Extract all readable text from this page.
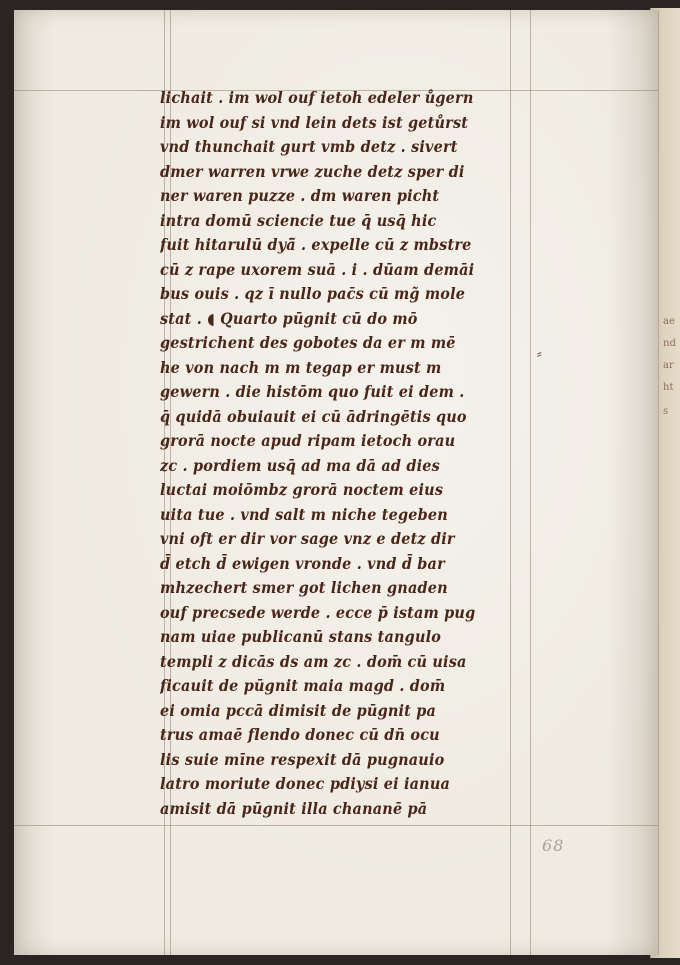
ae
nd
ar
ht
s
lichait . im wol ouf ietoh edeler ůgern
im wol ouf si vnd lein dets ist getůrst
vnd thunchait gurt vmb detz . sivert
dmer warren vrwe zuche detz sper di
ner waren puzze . dm waren picht
intra domū sciencie tue q̄ usq̄ hic
fuit hitarulū dyā̃ . expelle cū z mbstre
cū z rape uxorem suā . i . dūam demāi
bus ouis . qz ī nullo pac̄s cū mg̃ mole
stat . ◖ Quarto pūgnit cū do mō
gestrichent des gobotes da er m mē
he von nach m m tegap er must m
gewern . die histōm quo fuit ei dem .
q̄ quidā obuiauit ei cū ādringētis quo
grorā nocte apud ripam ietoch orau
zc . pordiem usq̄ ad ma dā ad dies
luctai moiōmbz grorā noctem eius
uita tue . vnd salt m niche tegeben
vni oft er dir vor sage vnz e detz dir
d̄ etch d̄ ewigen vronde . vnd d̄ bar
mhzechert smer got lichen gnaden
ouf precsede werde . ecce p̄ istam pug
nam uiae publicanū stans tangulo
templi z dicās ds am zc . dom̄ cū uisa
ficauit de pūgnit maia magd . dom̄
ei omia pccā dimisit de pūgnit pa
trus amaē flendo donec cū dn̄ ocu
lis suie mīne respexit dā pugnauio
latro moriute donec pdiysi ei ianua
amisit dā pūgnit illa chananē pā
⸗
68
